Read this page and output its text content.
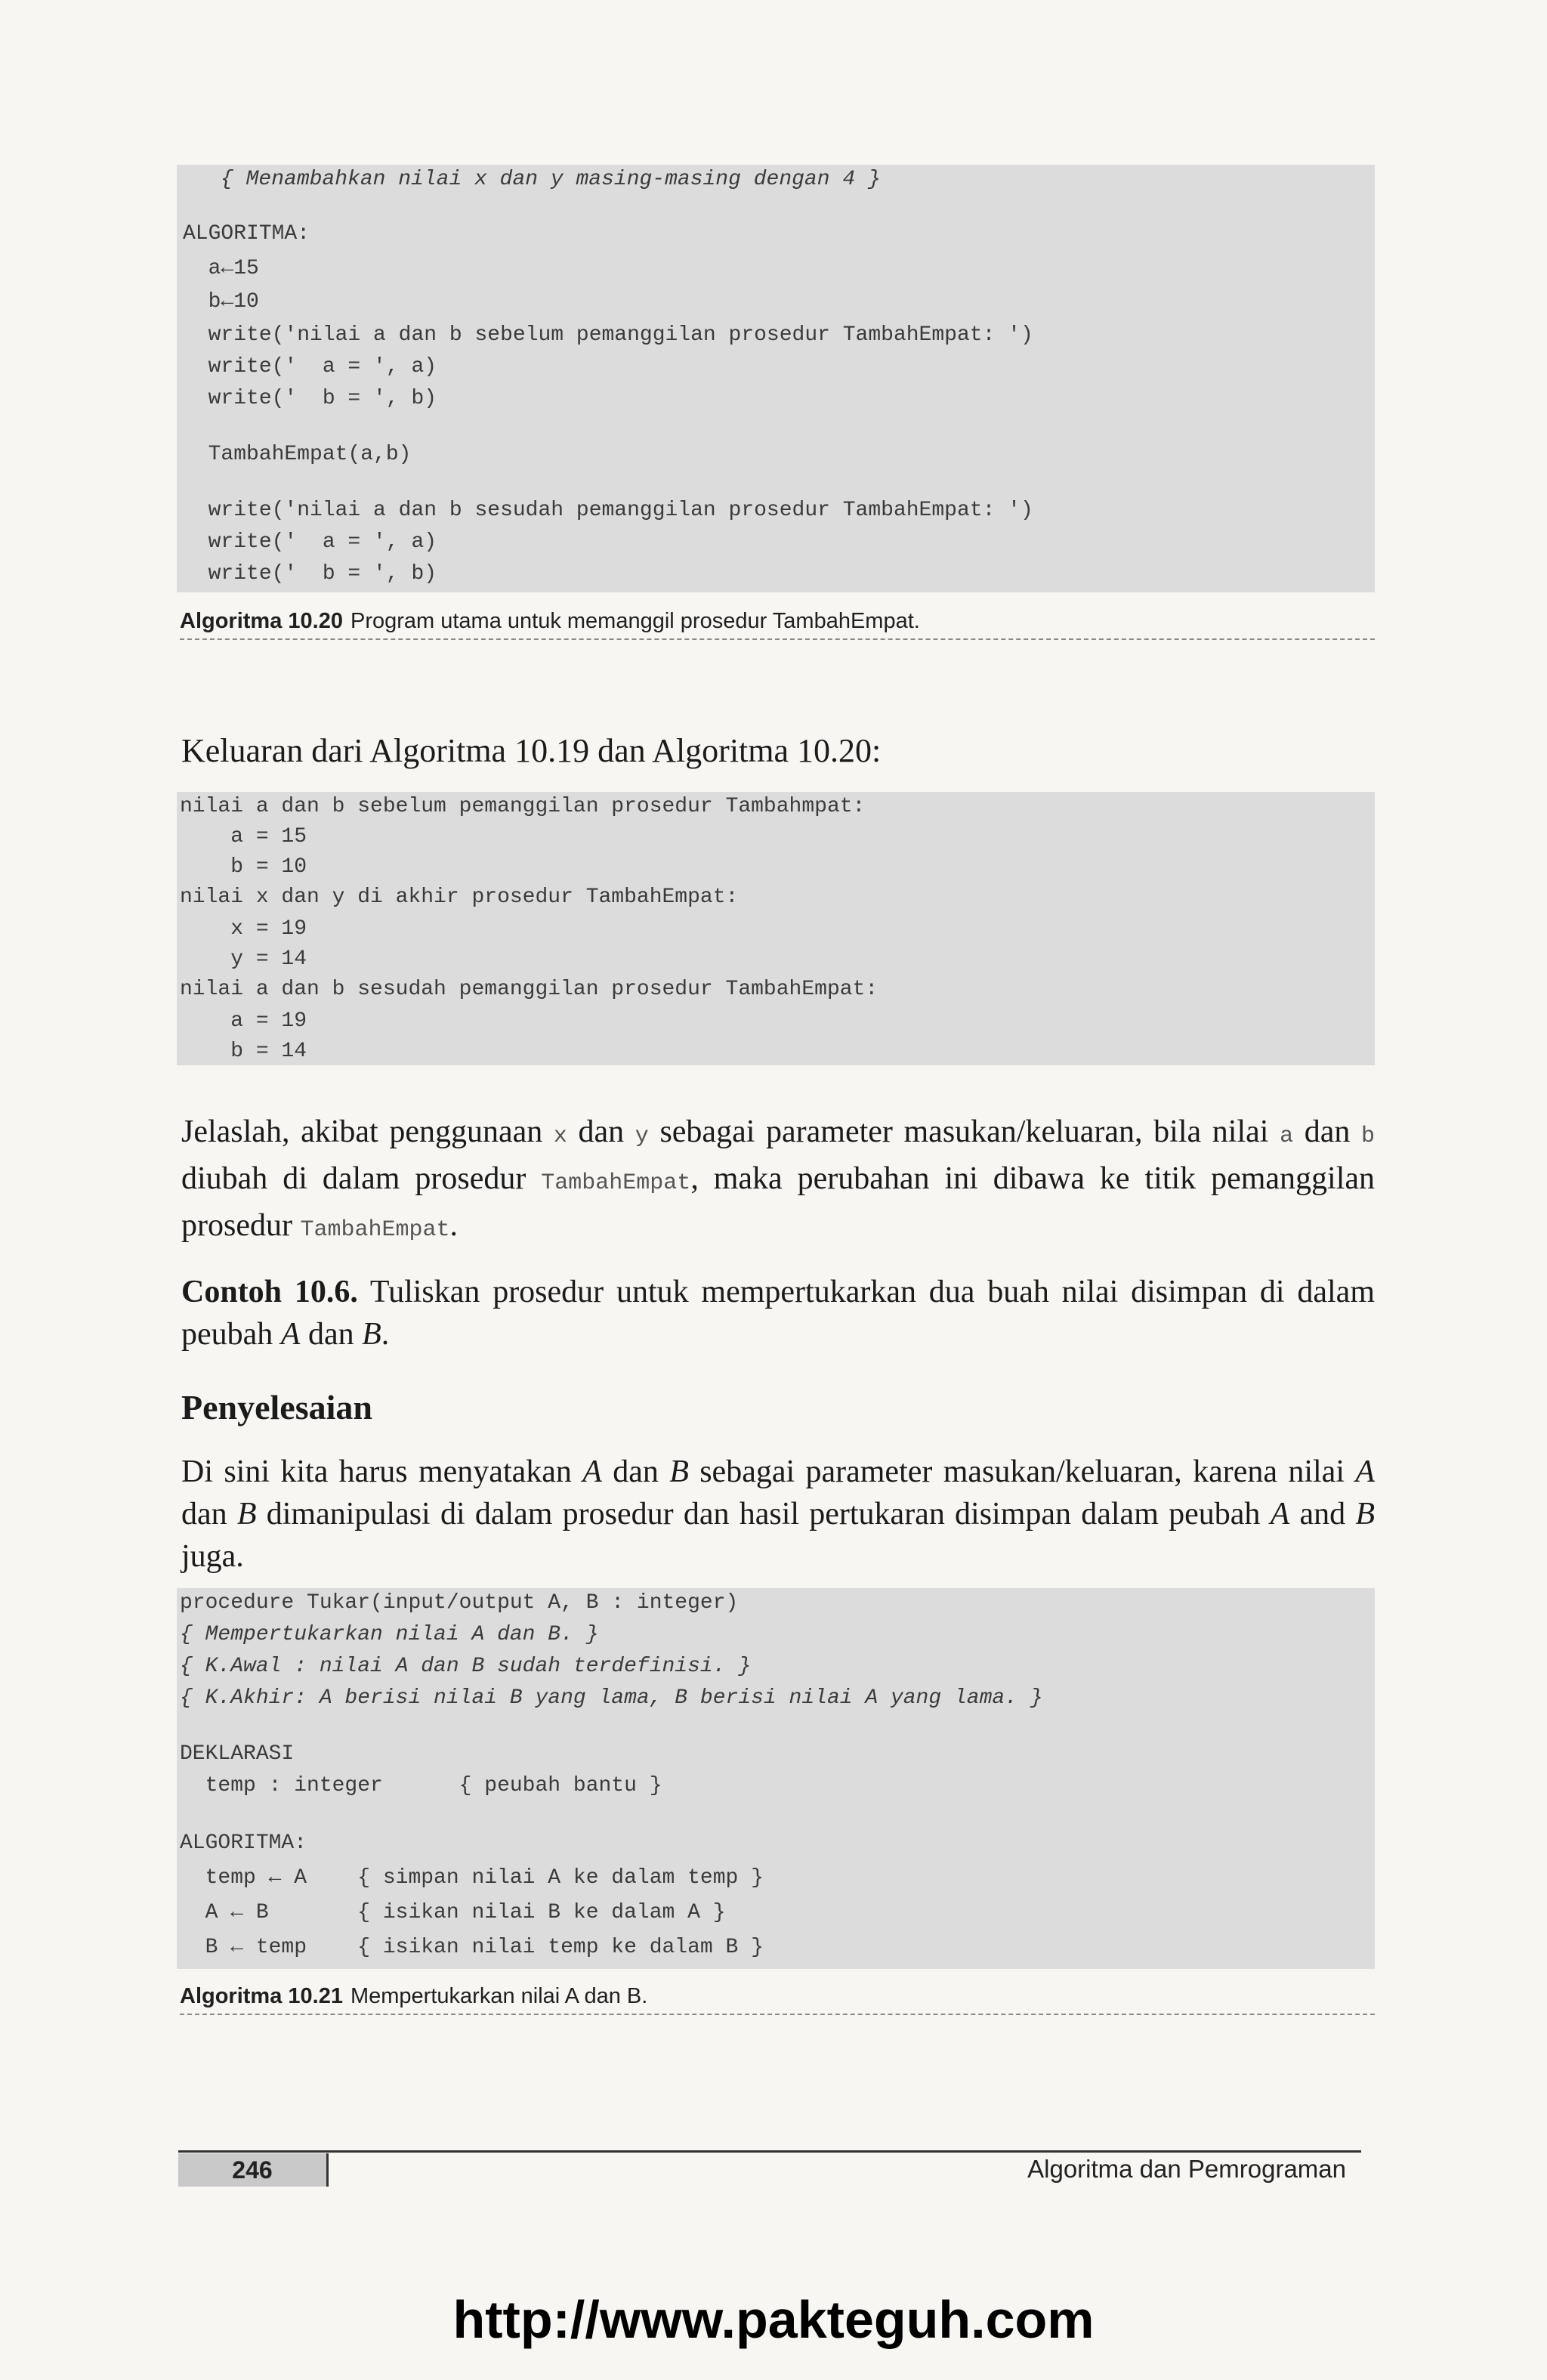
{ Menambahkan nilai x dan y masing-masing dengan 4 }
ALGORITMA:
a←15
b←10
write('nilai a dan b sebelum pemanggilan prosedur TambahEmpat: ')
write('  a = ', a)
write('  b = ', b)
TambahEmpat(a,b)
write('nilai a dan b sesudah pemanggilan prosedur TambahEmpat: ')
write('  a = ', a)
write('  b = ', b)
Algoritma 10.20 Program utama untuk memanggil prosedur TambahEmpat.
Keluaran dari Algoritma 10.19 dan Algoritma 10.20:
nilai a dan b sebelum pemanggilan prosedur Tambahmpat:
a = 15
b = 10
nilai x dan y di akhir prosedur TambahEmpat:
x = 19
y = 14
nilai a dan b sesudah pemanggilan prosedur TambahEmpat:
a = 19
b = 14
Jelaslah, akibat penggunaan x dan y sebagai parameter masukan/keluaran, bila nilai a dan b diubah di dalam prosedur TambahEmpat, maka perubahan ini dibawa ke titik pemanggilan prosedur TambahEmpat.
Contoh 10.6. Tuliskan prosedur untuk mempertukarkan dua buah nilai disimpan di dalam peubah A dan B.
Penyelesaian
Di sini kita harus menyatakan A dan B sebagai parameter masukan/keluaran, karena nilai A dan B dimanipulasi di dalam prosedur dan hasil pertukaran disimpan dalam peubah A and B juga.
procedure Tukar(input/output A, B : integer)
{ Mempertukarkan nilai A dan B. }
{ K.Awal : nilai A dan B sudah terdefinisi. }
{ K.Akhir: A berisi nilai B yang lama, B berisi nilai A yang lama. }
DEKLARASI
temp : integer      { peubah bantu }
ALGORITMA:
temp ← A    { simpan nilai A ke dalam temp }
A ← B       { isikan nilai B ke dalam A }
B ← temp    { isikan nilai temp ke dalam B }
Algoritma 10.21 Mempertukarkan nilai A dan B.
246	Algoritma dan Pemrograman
http://www.pakteguh.com
